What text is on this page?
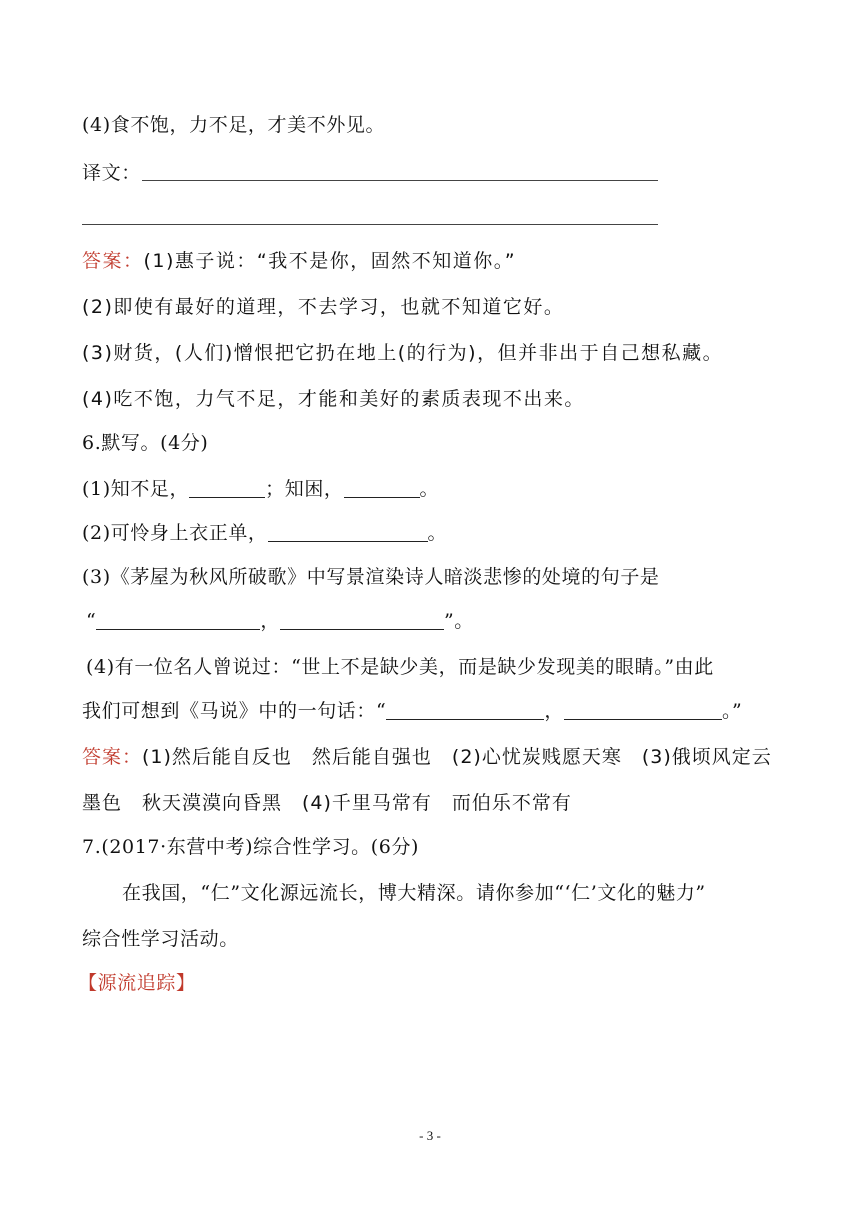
(4)食不饱，力不足，才美不外见。
译文：
答案：(1)惠子说：“我不是你，固然不知道你。”
(2)即使有最好的道理，不去学习，也就不知道它好。
(3)财货，(人们)憎恨把它扔在地上(的行为)，但并非出于自己想私藏。
(4)吃不饱，力气不足，才能和美好的素质表现不出来。
6.默写。(4分)
(1)知不足，	；知困，	。
(2)可怜身上衣正单，	。
(3)《茅屋为秋风所破歌》中写景渲染诗人暗淡悲惨的处境的句子是
“	，	”。
(4)有一位名人曾说过：“世上不是缺少美，而是缺少发现美的眼睛。”由此
我们可想到《马说》中的一句话：“	，	。”
答案：(1)然后能自反也　然后能自强也　(2)心忧炭贱愿天寒　(3)俄顷风定云
墨色　秋天漠漠向昏黑　(4)千里马常有　而伯乐不常有
7.(2017·东营中考)综合性学习。(6分)
在我国，“仁”文化源远流长，博大精深。请你参加“‘仁’文化的魅力”
综合性学习活动。
【源流追踪】
- 3 -
